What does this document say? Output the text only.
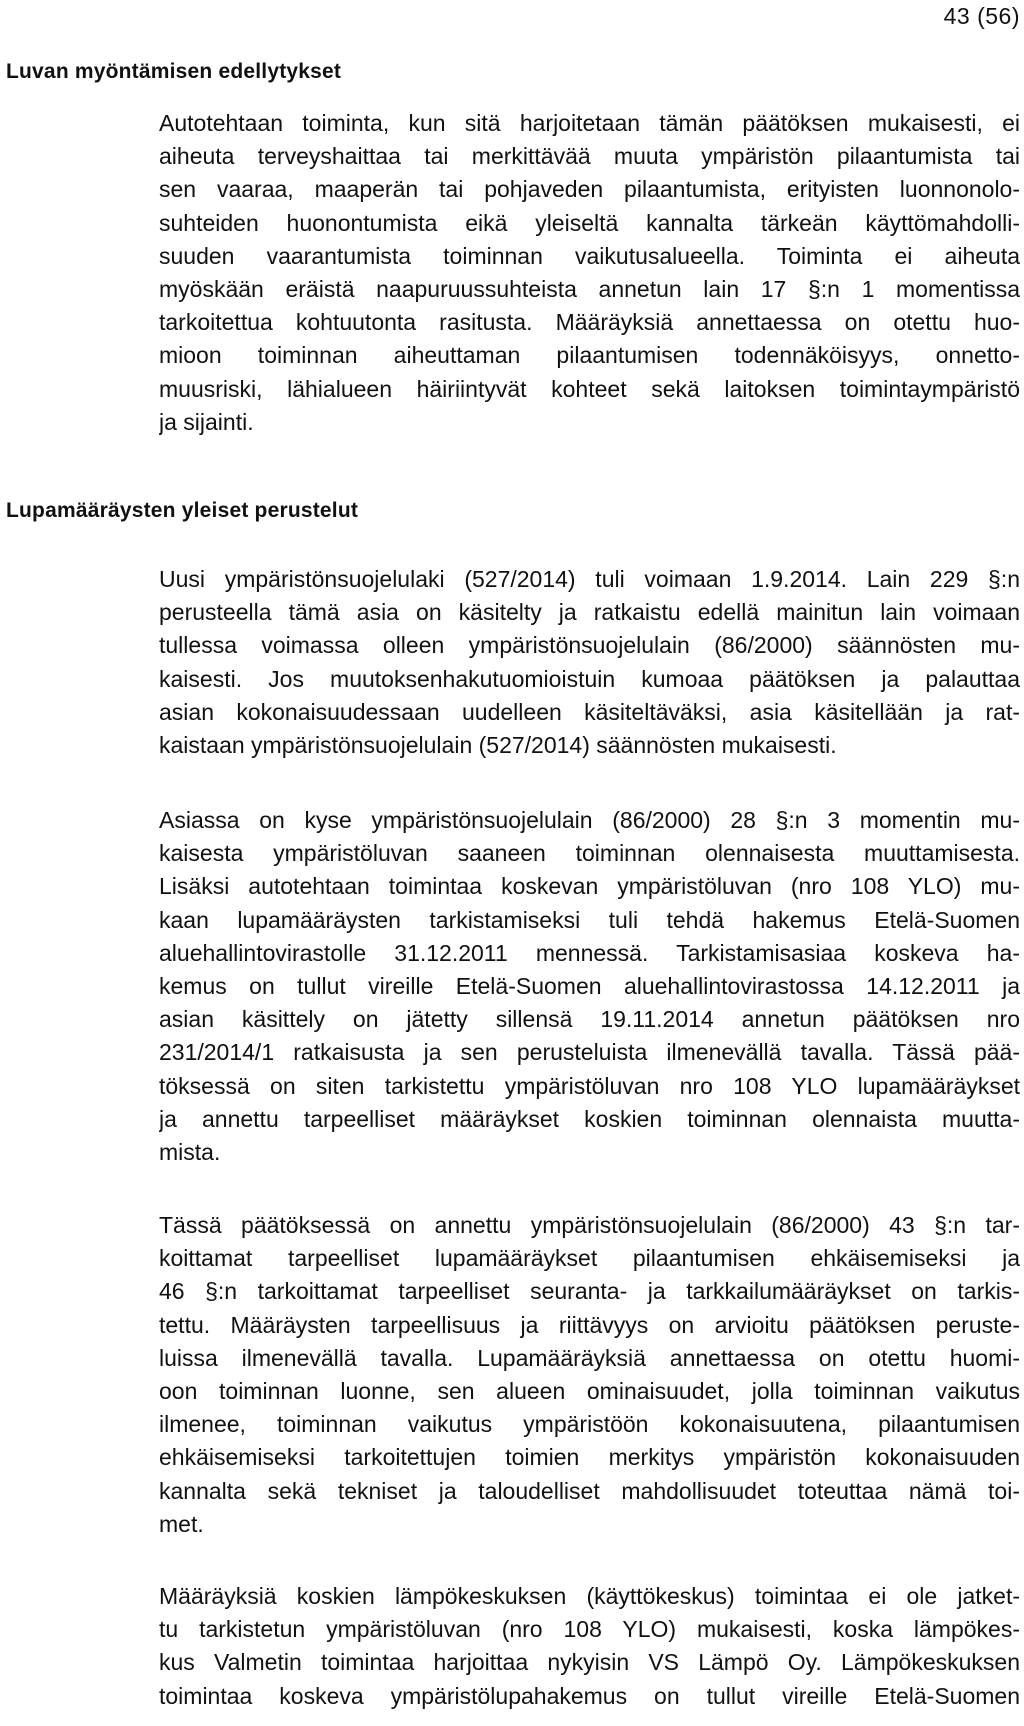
43 (56)
Luvan myöntämisen edellytykset

Autotehtaan toiminta, kun sitä harjoitetaan tämän päätöksen mukaisesti, ei
aiheuta terveyshaittaa tai merkittävää muuta ympäristön pilaantumista tai
sen vaaraa, maaperän tai pohjaveden pilaantumista, erityisten luonnonolo-
suhteiden huonontumista eikä yleiseltä kannalta tärkeän käyttömahdolli-
suuden vaarantumista toiminnan vaikutusalueella. Toiminta ei aiheuta
myöskään eräistä naapuruussuhteista annetun lain 17 §:n 1 momentissa
tarkoitettua kohtuutonta rasitusta. Määräyksiä annettaessa on otettu huo-
mioon toiminnan aiheuttaman pilaantumisen todennäköisyys, onnetto-
muusriski, lähialueen häiriintyvät kohteet sekä laitoksen toimintaympäristö
ja sijainti.

Lupamääräysten yleiset perustelut

Uusi ympäristönsuojelulaki (527/2014) tuli voimaan 1.9.2014. Lain 229 §:n
perusteella tämä asia on käsitelty ja ratkaistu edellä mainitun lain voimaan
tullessa voimassa olleen ympäristönsuojelulain (86/2000) säännösten mu-
kaisesti. Jos muutoksenhakutuomioistuin kumoaa päätöksen ja palauttaa
asian kokonaisuudessaan uudelleen käsiteltäväksi, asia käsitellään ja rat-
kaistaan ympäristönsuojelulain (527/2014) säännösten mukaisesti.

Asiassa on kyse ympäristönsuojelulain (86/2000) 28 §:n 3 momentin mu-
kaisesta ympäristöluvan saaneen toiminnan olennaisesta muuttamisesta.
Lisäksi autotehtaan toimintaa koskevan ympäristöluvan (nro 108 YLO) mu-
kaan lupamääräysten tarkistamiseksi tuli tehdä hakemus Etelä-Suomen
aluehallintovirastolle 31.12.2011 mennessä. Tarkistamisasiaa koskeva ha-
kemus on tullut vireille Etelä-Suomen aluehallintovirastossa 14.12.2011 ja
asian käsittely on jätetty sillensä 19.11.2014 annetun päätöksen nro
231/2014/1 ratkaisusta ja sen perusteluista ilmenevällä tavalla. Tässä pää-
töksessä on siten tarkistettu ympäristöluvan nro 108 YLO lupamääräykset
ja annettu tarpeelliset määräykset koskien toiminnan olennaista muutta-
mista.

Tässä päätöksessä on annettu ympäristönsuojelulain (86/2000) 43 §:n tar-
koittamat tarpeelliset lupamääräykset pilaantumisen ehkäisemiseksi ja
46 §:n tarkoittamat tarpeelliset seuranta- ja tarkkailumääräykset on tarkis-
tettu. Määräysten tarpeellisuus ja riittävyys on arvioitu päätöksen peruste-
luissa ilmenevällä tavalla. Lupamääräyksiä annettaessa on otettu huomi-
oon toiminnan luonne, sen alueen ominaisuudet, jolla toiminnan vaikutus
ilmenee, toiminnan vaikutus ympäristöön kokonaisuutena, pilaantumisen
ehkäisemiseksi tarkoitettujen toimien merkitys ympäristön kokonaisuuden
kannalta sekä tekniset ja taloudelliset mahdollisuudet toteuttaa nämä toi-
met.

Määräyksiä koskien lämpökeskuksen (käyttökeskus) toimintaa ei ole jatket-
tu tarkistetun ympäristöluvan (nro 108 YLO) mukaisesti, koska lämpökes-
kus Valmetin toimintaa harjoittaa nykyisin VS Lämpö Oy. Lämpökeskuksen
toimintaa koskeva ympäristölupahakemus on tullut vireille Etelä-Suomen
